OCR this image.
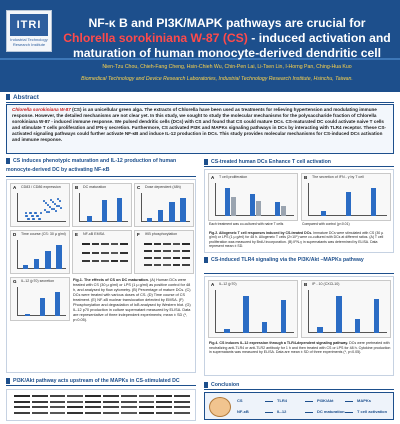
ITRI
Industrial Technology Research Institute
NF-κ B and PI3K/MAPK pathways are crucial for
Chlorella sorokiniana W-87 (CS) - induced activation and
maturation of human monocyte-derived dendritic cell
Nien-Tzu Chou, Chieh-Fang Cheng, Hsin-Chieh Wu, Chin-Pen Lai, Li-Tsen Lin, I-Horng Pan, Ching-Hua Kuo
Biomedical Technology and Device Research Laboratories, Industrial Technology Research Institute, Hsinchu, Taiwan.
Abstract
Chlorella sorokiniana W-87 (CS) is an unicellular green alga. The extracts of Chlorella have been used as treatments for relieving hypertension and modulating immune response. However, the detailed mechanisms are not clear yet. In this study, we sought to study the molecular mechanisms for the polysaccharide fraction of Chlorella sorokiniana W-87 - induced immune response. We pulsed dendritic cells (DCs) with CS and found that CS could mature DCs. CS-maturated DC could activate naive T cells and stimulate T cells proliferation and IFN-γ secretion. Furthermore, CS activated PI3K and MAPKs signaling pathways in DCs by interacting with TLR4 receptor. These CS-activated signaling pathways could further activate NF-κB and induce IL-12 production in DCs. This study provides molecular mechanisms for CS-induced DCs activation and immune response.
CS induces phenotypic maturation and IL-12 production of human monocyte-derived DC by activating NF-κB
A CD83 / CD86 expression	B DC maturation	C Dose dependent (48h)
D Time course (CS: 30 µ g/ml) E NF-κB EMSA	F IKB phosphorylation
G IL-12 (p70) secretion	Fig.1. The effects of CS on DC maturation. (A) Human DCs were treated with CS (30 µ g/ml) or LPS (1 µ g/ml) as positive control for 48 h, and analysed by flow cytometry. (B) Percentage of mature DCs. (C) DCs were treated with various doses of CS. (D) Time course of CS treatment. (E) NF-κB nuclear translocation detected by EMSA. (F) Phosphorylation and degradation of IκB analysed by Western blot. (G) IL-12 p70 production in culture supernatant measured by ELISA. Data are representative of three independent experiments; mean ± SD (*, p<0.05).
PI3K/Akt pathway acts upstream of the MAPKs in CS-stimulated DC
CS-treated human DCs Enhance T cell activation
A T cell proliferation	B The secretion of IFN - γ by T cell
Each treatment was co-cultured with naive T cells	Compared with control (p<0.01)
Fig.2. Allogeneic T cell responses induced by CS-treated DCs. Immature DCs were stimulated with CS (30 µ g/ml) or LPS (1 µ g/ml) for 48 h. Allogeneic T cells (2×10⁵) were co-cultured with DCs at different ratios. (A) T cell proliferation was measured by BrdU incorporation. (B) IFN-γ in supernatants was determined by ELISA. Data represent mean ± SD.
CS-induced TLR4 signaling via the PI3K/Akt –MAPKs pathway
A IL-12 (p70)	B IP - 10 (CXCL10)
Fig.4. CS induces IL-12 expression through a TLR4-dependent signaling pathway. DCs were pretreated with neutralizing anti-TLR4 or anti-TLR2 antibody for 1 h and then treated with CS or LPS for 48 h. Cytokine production in supernatants was measured by ELISA. Data are mean ± SD of three experiments (*, p<0.05).
Conclusion
CS	TLR4	PI3K/Akt	MAPKs
NF-κB	IL-12	DC maturation	T cell activation
